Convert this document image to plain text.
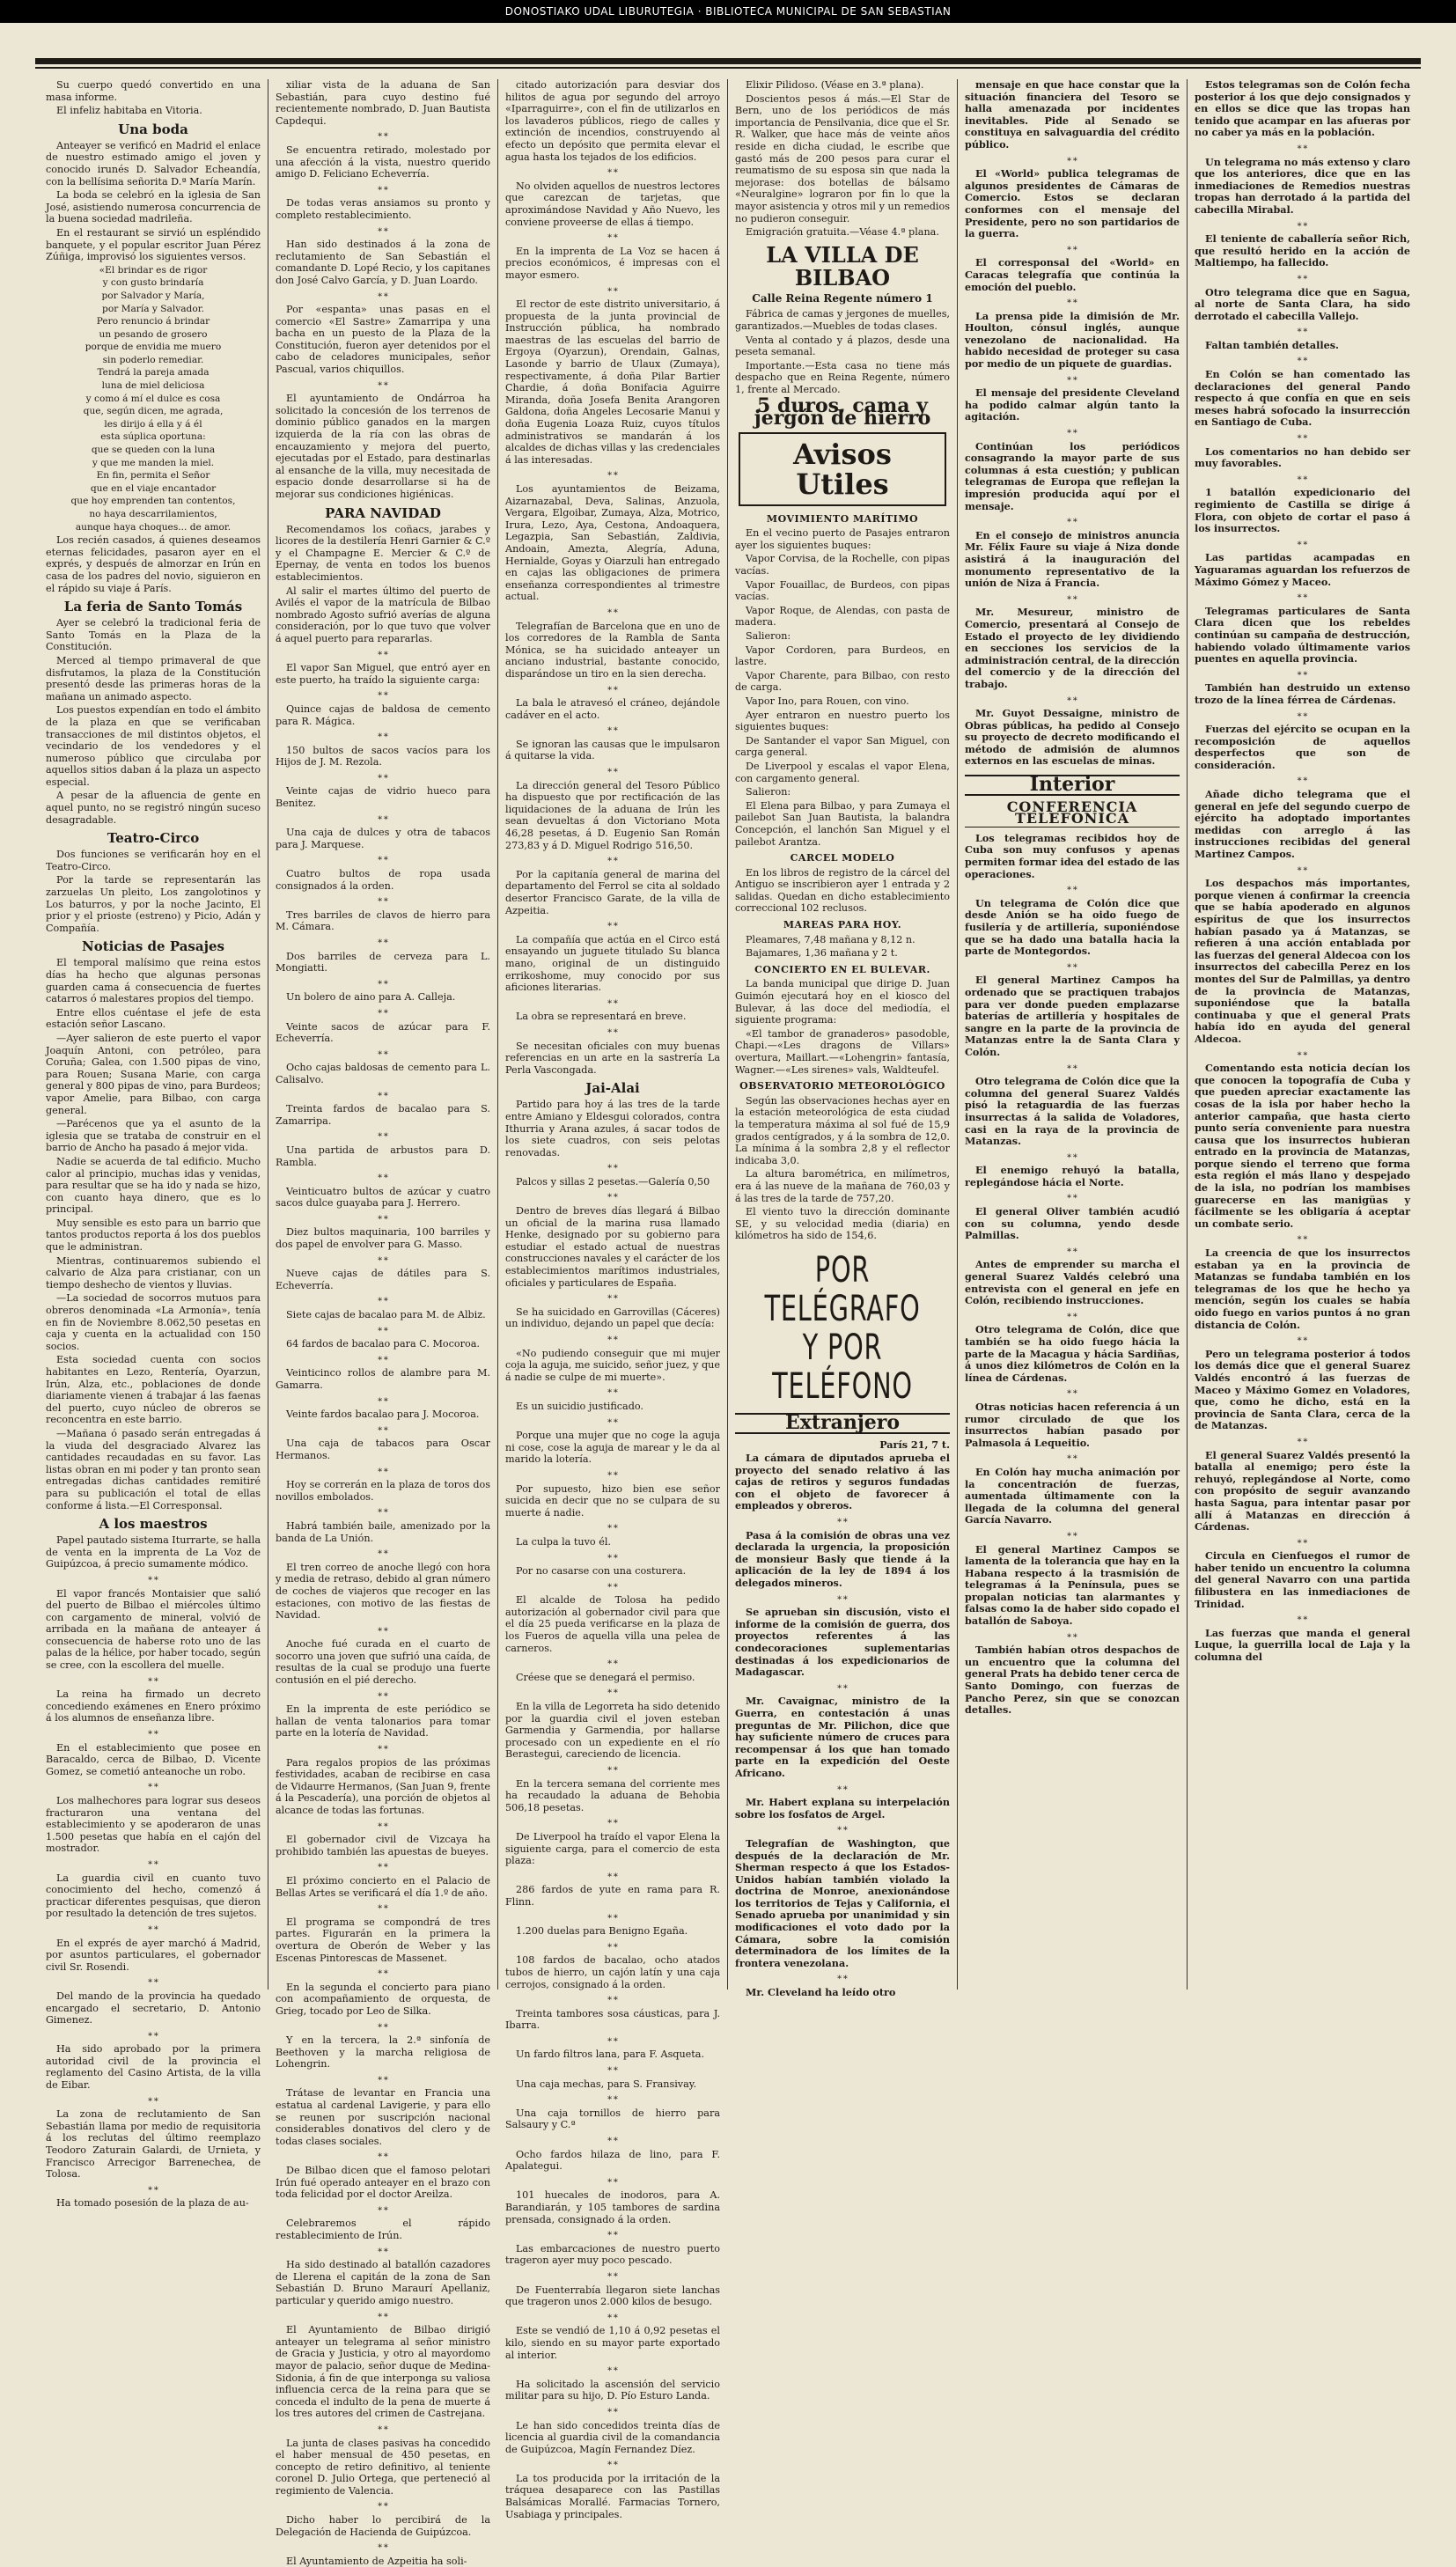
DONOSTIAKO UDAL LIBURUTEGIA · BIBLIOTECA MUNICIPAL DE SAN SEBASTIAN

Su cuerpo quedó convertido en una masa informe.

El infeliz habitaba en Vitoria.

Una boda

Anteayer se verificó en Madrid el enlace de nuestro estimado amigo el joven y conocido irunés D. Salvador Echeandía, con la bellísima señorita D.ª María Marín.

La boda se celebró en la iglesia de San José, asistiendo numerosa concurrencia de la buena sociedad madrileña.

En el restaurant se sirvió un espléndido banquete, y el popular escritor Juan Pérez Zúñiga, improvisó los siguientes versos.

«El brindar es de rigor

y con gusto brindaría

por Salvador y María,

por María y Salvador.

Pero renuncio á brindar

un pesando de grosero

porque de envidia me muero

sin poderlo remediar.

Tendrá la pareja amada

luna de miel deliciosa

y como á mí el dulce es cosa

que, según dicen, me agrada,

les dirijo á ella y á él

esta súplica oportuna:

que se queden con la luna

y que me manden la miel.

En fin, permita el Señor

que en el viaje encantador

que hoy emprenden tan contentos,

no haya descarrilamientos,

aunque haya choques... de amor.

Los recién casados, á quienes deseamos eternas felicidades, pasaron ayer en el exprés, y después de almorzar en Irún en casa de los padres del novio, siguieron en el rápido su viaje á París.

La feria de Santo Tomás

Ayer se celebró la tradicional feria de Santo Tomás en la Plaza de la Constitución.

Merced al tiempo primaveral de que disfrutamos, la plaza de la Constitución presentó desde las primeras horas de la mañana un animado aspecto.

Los puestos expendían en todo el ámbito de la plaza en que se verificaban transacciones de mil distintos objetos, el vecindario de los vendedores y el numeroso público que circulaba por aquellos sitios daban á la plaza un aspecto especial.

A pesar de la afluencia de gente en aquel punto, no se registró ningún suceso desagradable.

Teatro-Circo

Dos funciones se verificarán hoy en el Teatro-Circo.

Por la tarde se representarán las zarzuelas Un pleito, Los zangolotinos y Los baturros, y por la noche Jacinto, El prior y el prioste (estreno) y Picio, Adán y Compañía.

Noticias de Pasajes

El temporal malísimo que reina estos días ha hecho que algunas personas guarden cama á consecuencia de fuertes catarros ó malestares propios del tiempo.

Entre ellos cuéntase el jefe de esta estación señor Lascano.

—Ayer salieron de este puerto el vapor Joaquín Antoni, con petróleo, para Coruña; Galea, con 1.500 pipas de vino, para Rouen; Susana Marie, con carga general y 800 pipas de vino, para Burdeos; vapor Amelie, para Bilbao, con carga general.

—Parécenos que ya el asunto de la iglesia que se trataba de construir en el barrio de Ancho ha pasado á mejor vida.

Nadie se acuerda de tal edificio. Mucho calor al principio, muchas idas y venidas, para resultar que se ha ido y nada se hizo, con cuanto haya dinero, que es lo principal.

Muy sensible es esto para un barrio que tantos productos reporta á los dos pueblos que le administran.

Mientras, continuaremos subiendo el calvario de Alza para cristianar, con un tiempo deshecho de vientos y lluvias.

—La sociedad de socorros mutuos para obreros denominada «La Armonía», tenía en fin de Noviembre 8.062,50 pesetas en caja y cuenta en la actualidad con 150 socios.

Esta sociedad cuenta con socios habitantes en Lezo, Rentería, Oyarzun, Irún, Alza, etc., poblaciones de donde diariamente vienen á trabajar á las faenas del puerto, cuyo núcleo de obreros se reconcentra en este barrio.

—Mañana ó pasado serán entregadas á la viuda del desgraciado Alvarez las cantidades recaudadas en su favor. Las listas obran en mi poder y tan pronto sean entregadas dichas cantidades remitiré para su publicación el total de ellas conforme á lista.—El Corresponsal.

A los maestros

Papel pautado sistema Iturrarte, se halla de venta en la imprenta de La Voz de Guipúzcoa, á precio sumamente módico.

∗∗

El vapor francés Montaisier que salió del puerto de Bilbao el miércoles último con cargamento de mineral, volvió de arribada en la mañana de anteayer á consecuencia de haberse roto uno de las palas de la hélice, por haber tocado, según se cree, con la escollera del muelle.

∗∗

La reina ha firmado un decreto concediendo exámenes en Enero próximo á los alumnos de enseñanza libre.

∗∗

En el establecimiento que posee en Baracaldo, cerca de Bilbao, D. Vicente Gomez, se cometió anteanoche un robo.

∗∗

Los malhechores para lograr sus deseos fracturaron una ventana del establecimiento y se apoderaron de unas 1.500 pesetas que había en el cajón del mostrador.

∗∗

La guardia civil en cuanto tuvo conocimiento del hecho, comenzó á practicar diferentes pesquisas, que dieron por resultado la detención de tres sujetos.

∗∗

En el exprés de ayer marchó á Madrid, por asuntos particulares, el gobernador civil Sr. Rosendi.

∗∗

Del mando de la provincia ha quedado encargado el secretario, D. Antonio Gimenez.

∗∗

Ha sido aprobado por la primera autoridad civil de la provincia el reglamento del Casino Artista, de la villa de Eibar.

∗∗

La zona de reclutamiento de San Sebastián llama por medio de requisitoria á los reclutas del último reemplazo Teodoro Zaturain Galardi, de Urnieta, y Francisco Arrecigor Barrenechea, de Tolosa.

∗∗

Ha tomado posesión de la plaza de au-

xiliar vista de la aduana de San Sebastián, para cuyo destino fué recientemente nombrado, D. Juan Bautista Capdequi.

∗∗

Se encuentra retirado, molestado por una afección á la vista, nuestro querido amigo D. Feliciano Echeverría.

∗∗

De todas veras ansiamos su pronto y completo restablecimiento.

∗∗

Han sido destinados á la zona de reclutamiento de San Sebastián el comandante D. Lopé Recio, y los capitanes don José Calvo García, y D. Juan Loardo.

∗∗

Por «espanta» unas pasas en el comercio «El Sastre» Zamarripa y una bacha en un puesto de la Plaza de la Constitución, fueron ayer detenidos por el cabo de celadores municipales, señor Pascual, varios chiquillos.

∗∗

El ayuntamiento de Ondárroa ha solicitado la concesión de los terrenos de dominio público ganados en la margen izquierda de la ría con las obras de encauzamiento y mejora del puerto, ejecutadas por el Estado, para destinarlas al ensanche de la villa, muy necesitada de espacio donde desarrollarse si ha de mejorar sus condiciones higiénicas.

PARA NAVIDAD

Recomendamos los coñacs, jarabes y licores de la destilería Henri Garnier & C.º y el Champagne E. Mercier & C.º de Epernay, de venta en todos los buenos establecimientos.

Al salir el martes último del puerto de Avilés el vapor de la matrícula de Bilbao nombrado Agosto sufrió averías de alguna consideración, por lo que tuvo que volver á aquel puerto para repararlas.

∗∗

El vapor San Miguel, que entró ayer en este puerto, ha traído la siguiente carga:

∗∗

Quince cajas de baldosa de cemento para R. Mágica.

∗∗

150 bultos de sacos vacíos para los Hijos de J. M. Rezola.

∗∗

Veinte cajas de vidrio hueco para Benitez.

∗∗

Una caja de dulces y otra de tabacos para J. Marquese.

∗∗

Cuatro bultos de ropa usada consignados á la orden.

∗∗

Tres barriles de clavos de hierro para M. Cámara.

∗∗

Dos barriles de cerveza para L. Mongiatti.

∗∗

Un bolero de aino para A. Calleja.

∗∗

Veinte sacos de azúcar para F. Echeverría.

∗∗

Ocho cajas baldosas de cemento para L. Calisalvo.

∗∗

Treinta fardos de bacalao para S. Zamarripa.

∗∗

Una partida de arbustos para D. Rambla.

∗∗

Veinticuatro bultos de azúcar y cuatro sacos dulce guayaba para J. Herrero.

∗∗

Diez bultos maquinaria, 100 barriles y dos papel de envolver para G. Masso.

∗∗

Nueve cajas de dátiles para S. Echeverría.

∗∗

Siete cajas de bacalao para M. de Albiz.

∗∗

64 fardos de bacalao para C. Mocoroa.

∗∗

Veinticinco rollos de alambre para M. Gamarra.

∗∗

Veinte fardos bacalao para J. Mocoroa.

∗∗

Una caja de tabacos para Oscar Hermanos.

∗∗

Hoy se correrán en la plaza de toros dos novillos embolados.

∗∗

Habrá también baile, amenizado por la banda de La Unión.

∗∗

El tren correo de anoche llegó con hora y media de retraso, debido al gran número de coches de viajeros que recoger en las estaciones, con motivo de las fiestas de Navidad.

∗∗

Anoche fué curada en el cuarto de socorro una joven que sufrió una caída, de resultas de la cual se produjo una fuerte contusión en el pié derecho.

∗∗

En la imprenta de este periódico se hallan de venta talonarios para tomar parte en la lotería de Navidad.

∗∗

Para regalos propios de las próximas festividades, acaban de recibirse en casa de Vidaurre Hermanos, (San Juan 9, frente á la Pescadería), una porción de objetos al alcance de todas las fortunas.

∗∗

El gobernador civil de Vizcaya ha prohibido también las apuestas de bueyes.

∗∗

El próximo concierto en el Palacio de Bellas Artes se verificará el día 1.º de año.

∗∗

El programa se compondrá de tres partes. Figurarán en la primera la overtura de Oberón de Weber y las Escenas Pintorescas de Massenet.

∗∗

En la segunda el concierto para piano con acompañamiento de orquesta, de Grieg, tocado por Leo de Silka.

∗∗

Y en la tercera, la 2.ª sinfonía de Beethoven y la marcha religiosa de Lohengrin.

∗∗

Trátase de levantar en Francia una estatua al cardenal Lavigerie, y para ello se reunen por suscripción nacional considerables donativos del clero y de todas clases sociales.

∗∗

De Bilbao dicen que el famoso pelotari Irún fué operado anteayer en el brazo con toda felicidad por el doctor Areilza.

∗∗

Celebraremos el rápido restablecimiento de Irún.

∗∗

Ha sido destinado al batallón cazadores de Llerena el capitán de la zona de San Sebastián D. Bruno Maraurí Apellaniz, particular y querido amigo nuestro.

∗∗

El Ayuntamiento de Bilbao dirigió anteayer un telegrama al señor ministro de Gracia y Justicia, y otro al mayordomo mayor de palacio, señor duque de Medina-Sidonia, á fin de que interponga su valiosa influencia cerca de la reina para que se conceda el indulto de la pena de muerte á los tres autores del crimen de Castrejana.

∗∗

La junta de clases pasivas ha concedido el haber mensual de 450 pesetas, en concepto de retiro definitivo, al teniente coronel D. Julio Ortega, que perteneció al regimiento de Valencia.

∗∗

Dicho haber lo percibirá de la Delegación de Hacienda de Guipúzcoa.

∗∗

El Ayuntamiento de Azpeitia ha soli-

citado autorización para desviar dos hilitos de agua por segundo del arroyo «Iparraguirre», con el fin de utilizarlos en los lavaderos públicos, riego de calles y extinción de incendios, construyendo al efecto un depósito que permita elevar el agua hasta los tejados de los edificios.

∗∗

No olviden aquellos de nuestros lectores que carezcan de tarjetas, que aproximándose Navidad y Año Nuevo, les conviene proveerse de ellas á tiempo.

∗∗

En la imprenta de La Voz se hacen á precios económicos, é impresas con el mayor esmero.

∗∗

El rector de este distrito universitario, á propuesta de la junta provincial de Instrucción pública, ha nombrado maestras de las escuelas del barrio de Ergoya (Oyarzun), Orendain, Galnas, Lasonde y barrio de Ulaux (Zumaya), respectivamente, á doña Pilar Bartier Chardie, á doña Bonifacia Aguirre Miranda, doña Josefa Benita Arangoren Galdona, doña Angeles Lecosarie Manui y doña Eugenia Loaza Ruiz, cuyos títulos administrativos se mandarán á los alcaldes de dichas villas y las credenciales á las interesadas.

∗∗

Los ayuntamientos de Beizama, Aizarnazabal, Deva, Salinas, Anzuola, Vergara, Elgoibar, Zumaya, Alza, Motrico, Irura, Lezo, Aya, Cestona, Andoaquera, Legazpia, San Sebastián, Zaldivia, Andoain, Amezta, Alegría, Aduna, Hernialde, Goyas y Oiarzuli han entregado en cajas las obligaciones de primera enseñanza correspondientes al trimestre actual.

∗∗

Telegrafían de Barcelona que en uno de los corredores de la Rambla de Santa Mónica, se ha suicidado anteayer un anciano industrial, bastante conocido, disparándose un tiro en la sien derecha.

∗∗

La bala le atravesó el cráneo, dejándole cadáver en el acto.

∗∗

Se ignoran las causas que le impulsaron á quitarse la vida.

∗∗

La dirección general del Tesoro Público ha dispuesto que por rectificación de las liquidaciones de la aduana de Irún les sean devueltas á don Victoriano Mota 46,28 pesetas, á D. Eugenio San Román 273,83 y á D. Miguel Rodrigo 516,50.

∗∗

Por la capitanía general de marina del departamento del Ferrol se cita al soldado desertor Francisco Garate, de la villa de Azpeitia.

∗∗

La compañía que actúa en el Circo está ensayando un juguete titulado Su blanca mano, original de un distinguido errikoshome, muy conocido por sus aficiones literarias.

∗∗

La obra se representará en breve.

∗∗

Se necesitan oficiales con muy buenas referencias en un arte en la sastrería La Perla Vascongada.

Jai-Alai

Partido para hoy á las tres de la tarde entre Amiano y Eldesgui colorados, contra Ithurria y Arana azules, á sacar todos de los siete cuadros, con seis pelotas renovadas.

∗∗

Palcos y sillas 2 pesetas.—Galería 0,50

∗∗

Dentro de breves días llegará á Bilbao un oficial de la marina rusa llamado Henke, designado por su gobierno para estudiar el estado actual de nuestras construcciones navales y el carácter de los establecimientos marítimos industriales, oficiales y particulares de España.

∗∗

Se ha suicidado en Garrovillas (Cáceres) un individuo, dejando un papel que decía:

∗∗

«No pudiendo conseguir que mi mujer coja la aguja, me suicido, señor juez, y que á nadie se culpe de mi muerte».

∗∗

Es un suicidio justificado.

∗∗

Porque una mujer que no coge la aguja ni cose, cose la aguja de marear y le da al marido la lotería.

∗∗

Por supuesto, hizo bien ese señor suicida en decir que no se culpara de su muerte á nadie.

∗∗

La culpa la tuvo él.

∗∗

Por no casarse con una costurera.

∗∗

El alcalde de Tolosa ha pedido autorización al gobernador civil para que el día 25 pueda verificarse en la plaza de los Fueros de aquella villa una pelea de carneros.

∗∗

Créese que se denegará el permiso.

∗∗

En la villa de Legorreta ha sido detenido por la guardia civil el joven esteban Garmendia y Garmendia, por hallarse procesado con un expediente en el río Berastegui, careciendo de licencia.

∗∗

En la tercera semana del corriente mes ha recaudado la aduana de Behobia 506,18 pesetas.

∗∗

De Liverpool ha traído el vapor Elena la siguiente carga, para el comercio de esta plaza:

∗∗

286 fardos de yute en rama para R. Flinn.

∗∗

1.200 duelas para Benigno Egaña.

∗∗

108 fardos de bacalao, ocho atados tubos de hierro, un cajón latín y una caja cerrojos, consignado á la orden.

∗∗

Treinta tambores sosa cáusticas, para J. Ibarra.

∗∗

Un fardo filtros lana, para F. Asqueta.

∗∗

Una caja mechas, para S. Fransivay.

∗∗

Una caja tornillos de hierro para Salsaury y C.ª

∗∗

Ocho fardos hilaza de lino, para F. Apalategui.

∗∗

101 huecales de inodoros, para A. Barandiarán, y 105 tambores de sardina prensada, consignado á la orden.

∗∗

Las embarcaciones de nuestro puerto trageron ayer muy poco pescado.

∗∗

De Fuenterrabía llegaron siete lanchas que trageron unos 2.000 kilos de besugo.

∗∗

Este se vendió de 1,10 á 0,92 pesetas el kilo, siendo en su mayor parte exportado al interior.

∗∗

Ha solicitado la ascensión del servicio militar para su hijo, D. Pío Esturo Landa.

∗∗

Le han sido concedidos treinta días de licencia al guardia civil de la comandancia de Guipúzcoa, Magín Fernandez Díez.

∗∗

La tos producida por la irritación de la tráquea desaparece con las Pastillas Balsámicas Morallé. Farmacias Tornero, Usabiaga y principales.

Elixir Pilidoso. (Véase en 3.ª plana).

Doscientos pesos á más.—El Star de Bern, uno de los periódicos de más importancia de Pensilvania, dice que el Sr. R. Walker, que hace más de veinte años reside en dicha ciudad, le escribe que gastó más de 200 pesos para curar el reumatismo de su esposa sin que nada la mejorase: dos botellas de bálsamo «Neuralgine» lograron por fin lo que la mayor asistencia y otros mil y un remedios no pudieron conseguir.

Emigración gratuita.—Véase 4.ª plana.

LA VILLA DE BILBAO
Calle Reina Regente número 1

Fábrica de camas y jergones de muelles, garantizados.—Muebles de todas clases.

Venta al contado y á plazos, desde una peseta semanal.

Importante.—Esta casa no tiene más despacho que en Reina Regente, número 1, frente al Mercado.

5 duros, cama y jergón de hierro
Avisos Utiles
MOVIMIENTO MARÍTIMO

En el vecino puerto de Pasajes entraron ayer los siguientes buques:

Vapor Corvisa, de la Rochelle, con pipas vacías.

Vapor Fouaillac, de Burdeos, con pipas vacías.

Vapor Roque, de Alendas, con pasta de madera.

Salieron:

Vapor Cordoren, para Burdeos, en lastre.

Vapor Charente, para Bilbao, con resto de carga.

Vapor Ino, para Rouen, con vino.

Ayer entraron en nuestro puerto los siguientes buques:

De Santander el vapor San Miguel, con carga general.

De Liverpool y escalas el vapor Elena, con cargamento general.

Salieron:

El Elena para Bilbao, y para Zumaya el pailebot San Juan Bautista, la balandra Concepción, el lanchón San Miguel y el pailebot Arantza.

CARCEL MODELO

En los libros de registro de la cárcel del Antiguo se inscribieron ayer 1 entrada y 2 salidas. Quedan en dicho establecimiento correccional 102 reclusos.

MAREAS PARA HOY.

Pleamares, 7,48 mañana y 8,12 n.

Bajamares, 1,36 mañana y 2 t.

CONCIERTO EN EL BULEVAR.

La banda municipal que dirige D. Juan Guimón ejecutará hoy en el kiosco del Bulevar, á las doce del mediodía, el siguiente programa:

«El tambor de granaderos» pasodoble, Chapi.—«Les dragons de Villars» overtura, Maillart.—«Lohengrin» fantasía, Wagner.—«Les sirenes» vals, Waldteufel.

OBSERVATORIO METEOROLÓGICO

Según las observaciones hechas ayer en la estación meteorológica de esta ciudad la temperatura máxima al sol fué de 15,9 grados centígrados, y á la sombra de 12,0. La mínima á la sombra 2,8 y el reflector indicaba 3,0.

La altura barométrica, en milímetros, era á las nueve de la mañana de 760,03 y á las tres de la tarde de 757,20.

El viento tuvo la dirección dominante SE, y su velocidad media (diaria) en kilómetros ha sido de 154,6.

POR TELÉGRAFO
Y POR TELÉFONO
Extranjero
París 21, 7 t.

La cámara de diputados aprueba el proyecto del senado relativo á las cajas de retiros y seguros fundadas con el objeto de favorecer á empleados y obreros.

∗∗

Pasa á la comisión de obras una vez declarada la urgencia, la proposición de monsieur Basly que tiende á la aplicación de la ley de 1894 á los delegados mineros.

∗∗

Se aprueban sin discusión, visto el informe de la comisión de guerra, dos proyectos referentes á las condecoraciones suplementarias destinadas á los expedicionarios de Madagascar.

∗∗

Mr. Cavaignac, ministro de la Guerra, en contestación á unas preguntas de Mr. Pilichon, dice que hay suficiente número de cruces para recompensar á los que han tomado parte en la expedición del Oeste Africano.

∗∗

Mr. Habert explana su interpelación sobre los fosfatos de Argel.

∗∗

Telegrafían de Washington, que después de la declaración de Mr. Sherman respecto á que los Estados-Unidos habían también violado la doctrina de Monroe, anexionándose los territorios de Tejas y California, el Senado aprueba por unanimidad y sin modificaciones el voto dado por la Cámara, sobre la comisión determinadora de los límites de la frontera venezolana.

∗∗

Mr. Cleveland ha leído otro

mensaje en que hace constar que la situación financiera del Tesoro se halla amenazada por incidentes inevitables. Pide al Senado se constituya en salvaguardia del crédito público.

∗∗

El «World» publica telegramas de algunos presidentes de Cámaras de Comercio. Estos se declaran conformes con el mensaje del Presidente, pero no son partidarios de la guerra.

∗∗

El corresponsal del «World» en Caracas telegrafía que continúa la emoción del pueblo.

∗∗

La prensa pide la dimisión de Mr. Houlton, cónsul inglés, aunque venezolano de nacionalidad. Ha habido necesidad de proteger su casa por medio de un piquete de guardias.

∗∗

El mensaje del presidente Cleveland ha podido calmar algún tanto la agitación.

∗∗

Continúan los periódicos consagrando la mayor parte de sus columnas á esta cuestión; y publican telegramas de Europa que reflejan la impresión producida aquí por el mensaje.

∗∗

En el consejo de ministros anuncia Mr. Félix Faure su viaje á Niza donde asistirá á la inauguración del monumento representativo de la unión de Niza á Francia.

∗∗

Mr. Mesureur, ministro de Comercio, presentará al Consejo de Estado el proyecto de ley dividiendo en secciones los servicios de la administración central, de la dirección del comercio y de la dirección del trabajo.

∗∗

Mr. Guyot Dessaigne, ministro de Obras públicas, ha pedido al Consejo su proyecto de decreto modificando el método de admisión de alumnos externos en las escuelas de minas.

Interior
CONFERENCIA TELEFÓNICA

Los telegramas recibidos hoy de Cuba son muy confusos y apenas permiten formar idea del estado de las operaciones.

∗∗

Un telegrama de Colón dice que desde Anión se ha oido fuego de fusilería y de artillería, suponiéndose que se ha dado una batalla hacia la parte de Montegordos.

∗∗

El general Martinez Campos ha ordenado que se practiquen trabajos para ver donde pueden emplazarse baterías de artillería y hospitales de sangre en la parte de la provincia de Matanzas entre la de Santa Clara y Colón.

∗∗

Otro telegrama de Colón dice que la columna del general Suarez Valdés pisó la retaguardia de las fuerzas insurrectas á la salida de Voladores, casi en la raya de la provincia de Matanzas.

∗∗

El enemigo rehuyó la batalla, replegándose hácia el Norte.

∗∗

El general Oliver también acudió con su columna, yendo desde Palmillas.

∗∗

Antes de emprender su marcha el general Suarez Valdés celebró una entrevista con el general en jefe en Colón, recibiendo instrucciones.

∗∗

Otro telegrama de Colón, dice que también se ha oido fuego hácia la parte de la Macagua y hácia Sardiñas, á unos diez kilómetros de Colón en la línea de Cárdenas.

∗∗

Otras noticias hacen referencia á un rumor circulado de que los insurrectos habían pasado por Palmasola á Lequeitio.

∗∗

En Colón hay mucha animación por la concentración de fuerzas, aumentada últimamente con la llegada de la columna del general García Navarro.

∗∗

El general Martinez Campos se lamenta de la tolerancia que hay en la Habana respecto á la trasmisión de telegramas á la Península, pues se propalan noticias tan alarmantes y falsas como la de haber sido copado el batallón de Saboya.

∗∗

También habían otros despachos de un encuentro que la columna del general Prats ha debido tener cerca de Santo Domingo, con fuerzas de Pancho Perez, sin que se conozcan detalles.

Estos telegramas son de Colón fecha posterior á los que dejo consignados y en ellos se dice que las tropas han tenido que acampar en las afueras por no caber ya más en la población.

∗∗

Un telegrama no más extenso y claro que los anteriores, dice que en las inmediaciones de Remedios nuestras tropas han derrotado á la partida del cabecilla Mirabal.

∗∗

El teniente de caballería señor Rich, que resultó herido en la acción de Maltiempo, ha fallecido.

∗∗

Otro telegrama dice que en Sagua, al norte de Santa Clara, ha sido derrotado el cabecilla Vallejo.

∗∗

Faltan también detalles.

∗∗

En Colón se han comentado las declaraciones del general Pando respecto á que confía en que en seis meses habrá sofocado la insurrección en Santiago de Cuba.

∗∗

Los comentarios no han debido ser muy favorables.

∗∗

1 batallón expedicionario del regimiento de Castilla se dirige á Flora, con objeto de cortar el paso á los insurrectos.

∗∗

Las partidas acampadas en Yaguaramas aguardan los refuerzos de Máximo Gómez y Maceo.

∗∗

Telegramas particulares de Santa Clara dicen que los rebeldes continúan su campaña de destrucción, habiendo volado últimamente varios puentes en aquella provincia.

∗∗

También han destruido un extenso trozo de la línea férrea de Cárdenas.

∗∗

Fuerzas del ejército se ocupan en la recomposición de aquellos desperfectos que son de consideración.

∗∗

Añade dicho telegrama que el general en jefe del segundo cuerpo de ejército ha adoptado importantes medidas con arreglo á las instrucciones recibidas del general Martinez Campos.

∗∗

Los despachos más importantes, porque vienen á confirmar la creencia que se había apoderado en algunos espíritus de que los insurrectos habían pasado ya á Matanzas, se refieren á una acción entablada por las fuerzas del general Aldecoa con los insurrectos del cabecilla Perez en los montes del Sur de Palmillas, ya dentro de la provincia de Matanzas, suponiéndose que la batalla continuaba y que el general Prats había ido en ayuda del general Aldecoa.

∗∗

Comentando esta noticia decían los que conocen la topografía de Cuba y que pueden apreciar exactamente las cosas de la isla por haber hecho la anterior campaña, que hasta cierto punto sería conveniente para nuestra causa que los insurrectos hubieran entrado en la provincia de Matanzas, porque siendo el terreno que forma esta región el más llano y despejado de la isla, no podrían los mambises guarecerse en las manigüas y fácilmente se les obligaría á aceptar un combate serio.

∗∗

La creencia de que los insurrectos estaban ya en la provincia de Matanzas se fundaba también en los telegramas de los que he hecho ya mención, según los cuales se había oido fuego en varios puntos á no gran distancia de Colón.

∗∗

Pero un telegrama posterior á todos los demás dice que el general Suarez Valdés encontró á las fuerzas de Maceo y Máximo Gomez en Voladores, que, como he dicho, está en la provincia de Santa Clara, cerca de la de Matanzas.

∗∗

El general Suarez Valdés presentó la batalla al enemigo; pero éste la rehuyó, replegándose al Norte, como con propósito de seguir avanzando hasta Sagua, para intentar pasar por allí á Matanzas en dirección á Cárdenas.

∗∗

Circula en Cienfuegos el rumor de haber tenido un encuentro la columna del general Navarro con una partida filibustera en las inmediaciones de Trinidad.

∗∗

Las fuerzas que manda el general Luque, la guerrilla local de Laja y la columna del
